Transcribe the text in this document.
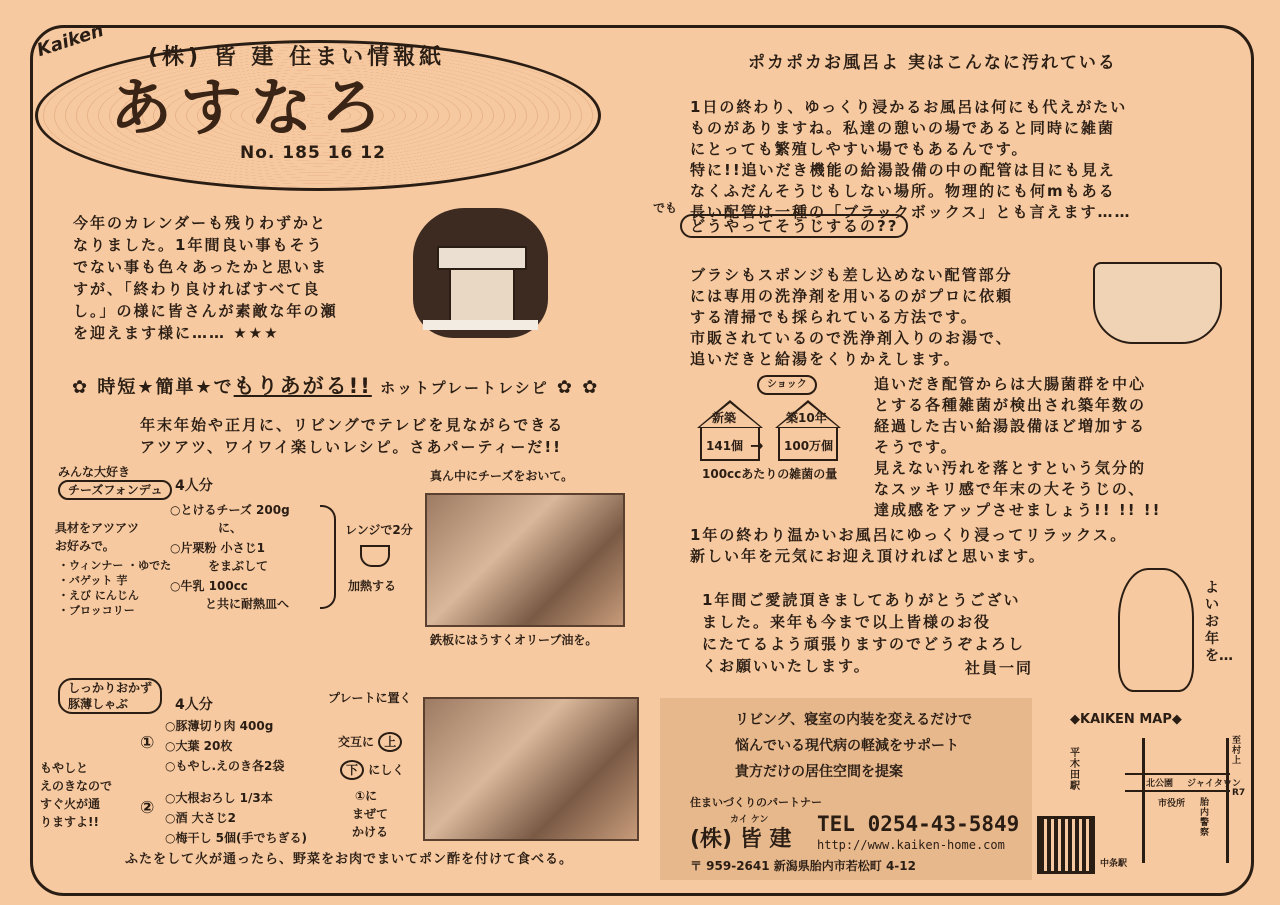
Kaiken (株) 皆 建 住まい情報紙
あすなろ
No. 185 16 12
今年のカレンダーも残りわずかと
なりました。1年間良い事もそう
でない事も色々あったかと思いま
すが、「終わり良ければすべて良
し。」の様に皆さんが素敵な年の瀬
を迎えます様に…… ★★★
✿ 時短★簡単★でもりあがる!! ホットプレートレシピ ✿ ✿
年末年始や正月に、リビングでテレビを見ながらできる
アツアツ、ワイワイ楽しいレシピ。さあパーティーだ!!
みんな大好き
チーズフォンデュ 4人分
○とけるチーズ 200g
に、
○片栗粉 小さじ1
をまぶして
○牛乳 100cc
と共に耐熱皿へ
レンジで2分
加熱する
具材をアツアツ
お好みで。
・ウィンナー ・ゆでた
・バゲット 芋
・えび にんじん
・ブロッコリー
真ん中にチーズをおいて。
鉄板にはうすくオリーブ油を。
しっかりおかず
豚薄しゃぶ	4人分
①
○豚薄切り肉 400g
○大葉 20枚
○もやし.えのき各2袋
プレートに置く
交互に 上
下 にしく
② ○大根おろし 1/3本
○酒 大さじ2
○梅干し 5個(手でちぎる)
①に
まぜて
かける
もやしと
えのきなので
すぐ火が通
りますよ!!
ふたをして火が通ったら、野菜をお肉でまいてポン酢を付けて食べる。
ポカポカお風呂よ 実はこんなに汚れている
1日の終わり、ゆっくり浸かるお風呂は何にも代えがたい
ものがありますね。私達の憩いの場であると同時に雑菌
にとっても繁殖しやすい場でもあるんです。
特に!!追いだき機能の給湯設備の中の配管は目にも見え
なくふだんそうじもしない場所。物理的にも何mもある
長い配管は一種の「ブラックボックス」とも言えます……
でも
どうやってそうじするの??
ブラシもスポンジも差し込めない配管部分
には専用の洗浄剤を用いるのがプロに依頼
する清掃でも採られている方法です。
市販されているので洗浄剤入りのお湯で、
追いだきと給湯をくりかえします。
ショック
新築
141個 →
築10年
100万個
100ccあたりの雑菌の量
追いだき配管からは大腸菌群を中心
とする各種雑菌が検出され築年数の
経過した古い給湯設備ほど増加する
そうです。
見えない汚れを落とすという気分的
なスッキリ感で年末の大そうじの、
達成感をアップさせましょう!! !! !!
1年の終わり温かいお風呂にゆっくり浸ってリラックス。
新しい年を元気にお迎え頂ければと思います。
1年間ご愛読頂きましてありがとうござい
ました。来年も今まで以上皆様のお役
にたてるよう頑張りますのでどうぞよろし
くお願いいたします。	社員一同
よいお年を…
リビング、寝室の内装を変えるだけで
悩んでいる現代病の軽減をサポート
貴方だけの居住空間を提案
住まいづくりのパートナー
カイ ケン
(株) 皆 建
TEL 0254-43-5849
http://www.kaiken-home.com
〒 959-2641 新潟県胎内市若松町 4-12
◆KAIKEN MAP◆
平木田駅	北公園 ジャイタウン
市役所 胎内警察
中条駅
至村上
R7
